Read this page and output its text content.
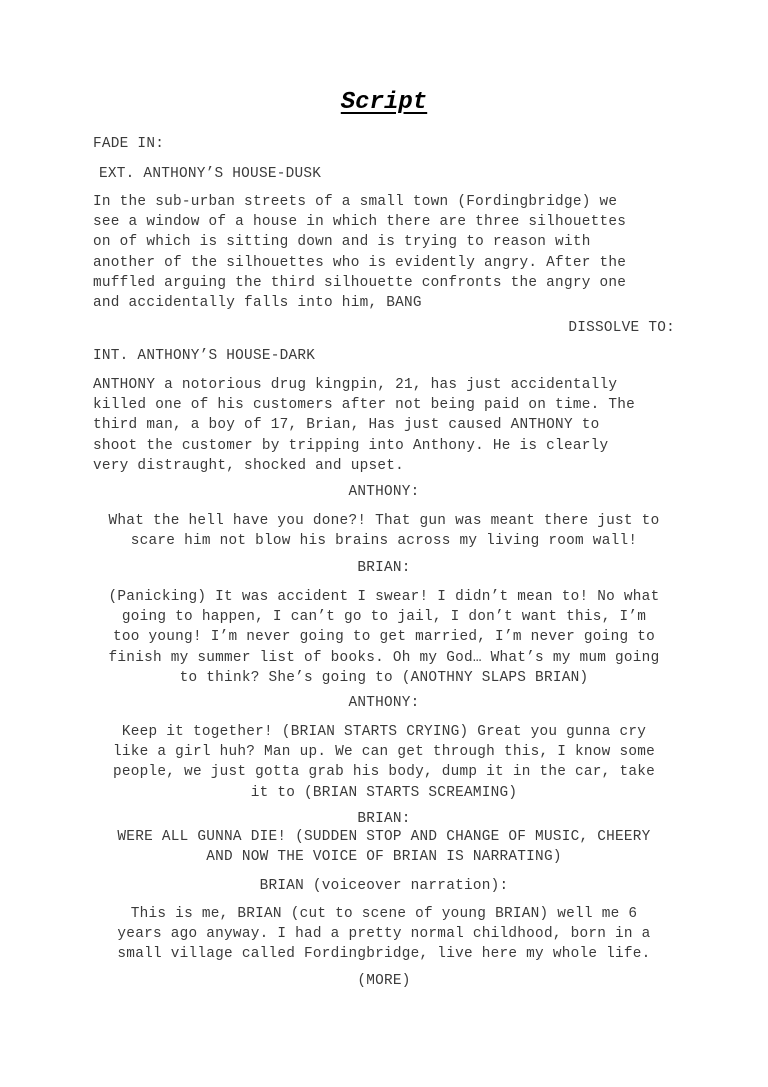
Script
FADE IN:
EXT. ANTHONY’S HOUSE-DUSK
In the sub-urban streets of a small town (Fordingbridge) we
see a window of a house in which there are three silhouettes
on of which is sitting down and is trying to reason with
another of the silhouettes who is evidently angry. After the
muffled arguing the third silhouette confronts the angry one
and accidentally falls into him, BANG
DISSOLVE TO:
INT. ANTHONY’S HOUSE-DARK
ANTHONY a notorious drug kingpin, 21, has just accidentally
killed one of his customers after not being paid on time. The
third man, a boy of 17, Brian, Has just caused ANTHONY to
shoot the customer by tripping into Anthony. He is clearly
very distraught, shocked and upset.
ANTHONY:
What the hell have you done?! That gun was meant there just to
scare him not blow his brains across my living room wall!
BRIAN:
(Panicking) It was accident I swear! I didn’t mean to! No what
going to happen, I can’t go to jail, I don’t want this, I’m
too young! I’m never going to get married, I’m never going to
finish my summer list of books. Oh my God… What’s my mum going
to think? She’s going to (ANOTHNY SLAPS BRIAN)
ANTHONY:
Keep it together! (BRIAN STARTS CRYING) Great you gunna cry
like a girl huh? Man up. We can get through this, I know some
people, we just gotta grab his body, dump it in the car, take
it to (BRIAN STARTS SCREAMING)
BRIAN:
WERE ALL GUNNA DIE! (SUDDEN STOP AND CHANGE OF MUSIC, CHEERY
AND NOW THE VOICE OF BRIAN IS NARRATING)
BRIAN (voiceover narration):
This is me, BRIAN (cut to scene of young BRIAN) well me 6
years ago anyway. I had a pretty normal childhood, born in a
small village called Fordingbridge, live here my whole life.
(MORE)
